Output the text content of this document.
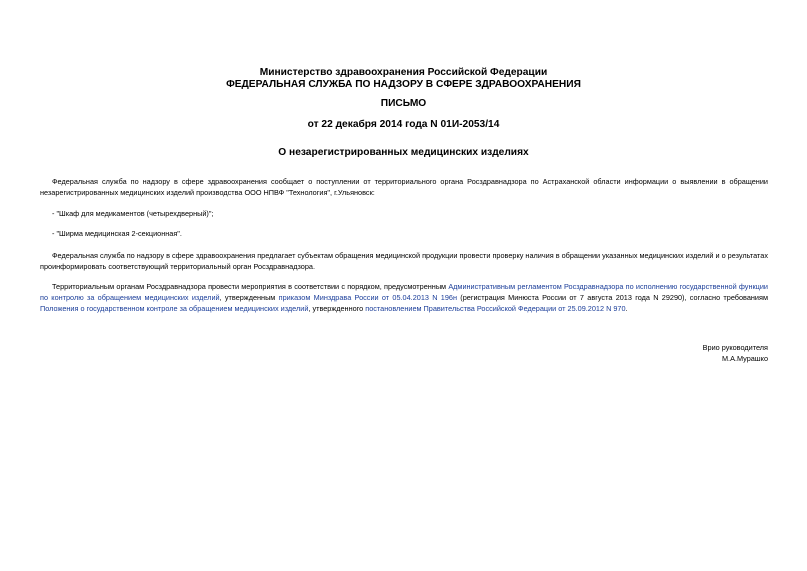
Министерство здравоохранения Российской Федерации
ФЕДЕРАЛЬНАЯ СЛУЖБА ПО НАДЗОРУ В СФЕРЕ ЗДРАВООХРАНЕНИЯ
ПИСЬМО
от 22 декабря 2014 года N 01И-2053/14
О незарегистрированных медицинских изделиях
Федеральная служба по надзору в сфере здравоохранения сообщает о поступлении от территориального органа Росздравнадзора по Астраханской области информации о выявлении в обращении незарегистрированных медицинских изделий производства ООО НПВФ "Технология", г.Ульяновск:
- "Шкаф для медикаментов (четырехдверный)";
- "Ширма медицинская 2-секционная".
Федеральная служба по надзору в сфере здравоохранения предлагает субъектам обращения медицинской продукции провести проверку наличия в обращении указанных медицинских изделий и о результатах проинформировать соответствующий территориальный орган Росздравнадзора.
Территориальным органам Росздравнадзора провести мероприятия в соответствии с порядком, предусмотренным Административным регламентом Росздравнадзора по исполнению государственной функции по контролю за обращением медицинских изделий, утвержденным приказом Минздрава России от 05.04.2013 N 196н (регистрация Минюста России от 7 августа 2013 года N 29290), согласно требованиям Положения о государственном контроле за обращением медицинских изделий, утвержденного постановлением Правительства Российской Федерации от 25.09.2012 N 970.
Врио руководителя
М.А.Мурашко
